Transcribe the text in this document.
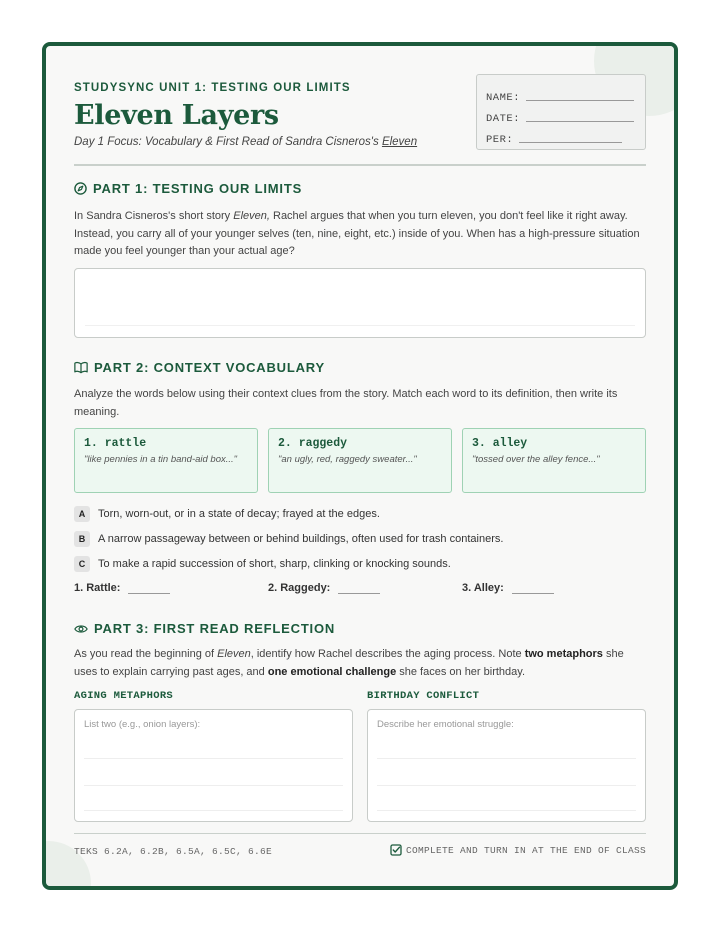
STUDYSYNC UNIT 1: TESTING OUR LIMITS
Eleven Layers
Day 1 Focus: Vocabulary & First Read of Sandra Cisneros's Eleven
NAME:
DATE:
PER:
PART 1: TESTING OUR LIMITS
In Sandra Cisneros's short story Eleven, Rachel argues that when you turn eleven, you don't feel like it right away. Instead, you carry all of your younger selves (ten, nine, eight, etc.) inside of you. When has a high-pressure situation made you feel younger than your actual age?
PART 2: CONTEXT VOCABULARY
Analyze the words below using their context clues from the story. Match each word to its definition, then write its meaning.
1. rattle
"like pennies in a tin band-aid box..."
2. raggedy
"an ugly, red, raggedy sweater..."
3. alley
"tossed over the alley fence..."
A	Torn, worn-out, or in a state of decay; frayed at the edges.
B	A narrow passageway between or behind buildings, often used for trash containers.
C	To make a rapid succession of short, sharp, clinking or knocking sounds.
1. Rattle:	2. Raggedy:	3. Alley:
PART 3: FIRST READ REFLECTION
As you read the beginning of Eleven, identify how Rachel describes the aging process. Note two metaphors she uses to explain carrying past ages, and one emotional challenge she faces on her birthday.
AGING METAPHORS	BIRTHDAY CONFLICT
List two (e.g., onion layers):	Describe her emotional struggle:
TEKS 6.2A, 6.2B, 6.5A, 6.5C, 6.6E	COMPLETE AND TURN IN AT THE END OF CLASS
